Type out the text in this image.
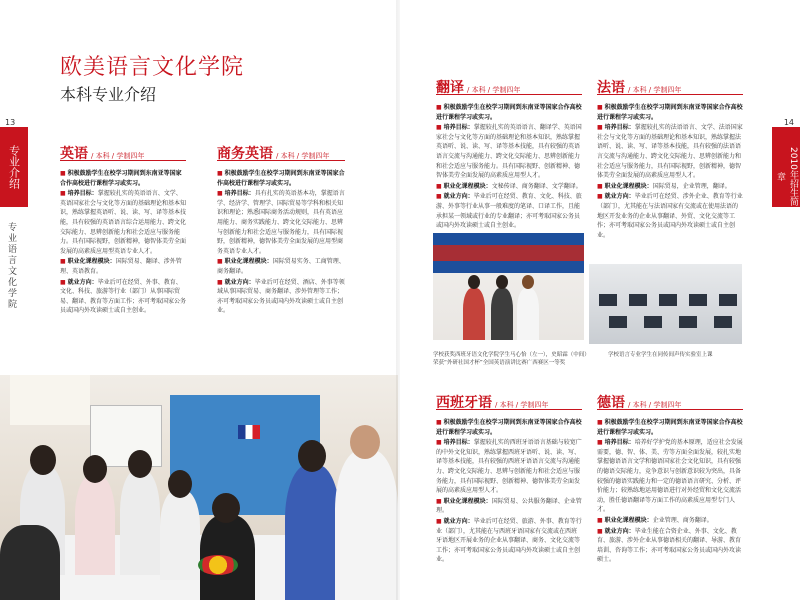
13
专业介绍
专业语言文化学院
欧美语言文化学院
本科专业介绍
英语 / 本科 / 学制四年

■ 积极鼓励学生在校学习期间到东南亚等国家合作高校进行课程学习或实习。

■ 培养目标：掌握较扎实的英语语言、文学、英语国家社会与文化等方面的基础理论和基本知识，熟练掌握英语听、说、读、写、译等基本技能，具有较强的英语语言综合运用能力、跨文化交际能力、思辨创新能力和社会适应与服务能力。具有国际视野，创新精神，德智体美劳全面发展的高素质应用型英语专业人才。

■ 职业化课程模块：国际贸易、翻译、涉外管理、英语教育。

■ 就业方向：毕业后可在经贸、外事、教育、文化、科技、旅游等行业（部门）从事国际贸易、翻译、教育等方面工作；亦可考取国家公务员或国内外攻读硕士或自主创业。

商务英语 / 本科 / 学制四年

■ 积极鼓励学生在校学习期间到东南亚等国家合作高校进行课程学习或实习。

■ 培养目标：具有扎实的英语基本功，掌握语言学、经济学、管理学、国际贸易等学科和相关知识和理论；熟悉国际商务活动规则，具有英语应用能力、商务实践能力、跨文化交际能力、思辨与创新能力和社会适应与服务能力，具有国际视野，创新精神，德智体美劳全面发展的应用型商务英语专业人才。

■ 职业化课程模块：国际贸易实务、工商管理、商务翻译。

■ 就业方向：毕业后可在经贸、酒店、外事等领域从事国际贸易、商务翻译、涉外管理等工作；亦可考取国家公务员或国内外攻读硕士或自主创业。

14
2010年招生简章
翻译 / 本科 / 学制四年

■ 积极鼓励学生在校学习期间到东南亚等国家合作高校进行课程学习或实习。

■ 培养目标：掌握较扎实的英语语言、翻译学、英语国家社会与文化等方面的基础理论和基本知识，熟练掌握英语听、说、读、写、译等基本技能，具有较强的英语语言交流与沟通能力、跨文化交际能力、思辨创新能力和社会适应与服务能力。具有国际视野、创新精神、德智体美劳全面发展的高素质应用型人才。

■ 职业化课程模块：文秘传译、商务翻译、文学翻译。

■ 就业方向：毕业后可在经贸、教育、文化、科技、旅游、外事等行业从事一般难度的笔译、口译工作，且能承担某一领域或行业的专业翻译；亦可考取国家公务员或国内外攻读硕士或自主创业。

法语 / 本科 / 学制四年

■ 积极鼓励学生在校学习期间到东南亚等国家合作高校进行课程学习或实习。

■ 培养目标：掌握较扎实的法语语言、文学、法语国家社会与文化等方面的基础理论和基本知识，熟练掌握法语听、说、读、写、译等基本技能，具有较强的法语语言交流与沟通能力、跨文化交际能力、思辨创新能力和社会适应与服务能力，具有国际视野，创新精神，德智体美劳全面发展的高素质应用型人才。

■ 职业化课程模块：国际贸易，企业管理，翻译。

■ 就业方向：毕业后可在经贸、涉外企业、教育等行业（部门），尤其能在与法语国家有交流或在使用法语的地区开发业务的企业从事翻译、外贸、文化交流等工作；亦可考取国家公务员或国内外攻读硕士或自主创业。

西班牙语 / 本科 / 学制四年

■ 积极鼓励学生在校学习期间到东南亚等国家合作高校进行课程学习或实习。

■ 培养目标：掌握较扎实的西班牙语语言基础与较宽广的中外文化知识，熟练掌握西班牙语听、说、读、写、译等基本技能，具有较强的西班牙语语言交流与沟通能力、跨文化交际能力、思辨与创新能力和社会适应与服务能力，具有国际视野、创新精神、德智体美劳全面发展的高素质应用型人才。

■ 职业化课程模块：国际贸易、公共服务翻译、企业管理。

■ 就业方向：毕业后可在经贸、旅游、外事、教育等行业（部门），尤其能在与西班牙语国家有交流或在西班牙语地区开展业务的企业从事翻译、商务、文化交流等工作；亦可考取国家公务员或国内外攻读硕士或自主创业。

德语 / 本科 / 学制四年

■ 积极鼓励学生在校学习期间到东南亚等国家合作高校进行课程学习或实习。

■ 培养目标：培养好学护党的基本原理，适应社会发展需要，德、智、体、美、劳等方面全面发展，较扎实地掌握德语语言文学和德语国家社会文化知识，具有较强的德语交际能力，竞争意识与创新意识较为突出，具备较强的德语实践能力和一定的德语语言研究、分析、评价能力；较熟练地运用德语进行对外经贸和文化交流活动，胜任德语翻译等方面工作的高素质应用型专门人才。

■ 职业化课程模块：企业管理、商务翻译。

■ 就业方向：毕业生能在合资企业、外事、文化、教育、旅游、涉外企业从事德语相关的翻译、导游、教育培训、咨询等工作；亦可考取国家公务员或国内外攻读硕士。

学校获奖西班牙语文化学院学生马心怡（左一），史昭霖（中间）荣获“外研社国才杯”全国英语演讲比赛广西赛区一等奖
学校语言专业学生在同传间声传实验室上课
